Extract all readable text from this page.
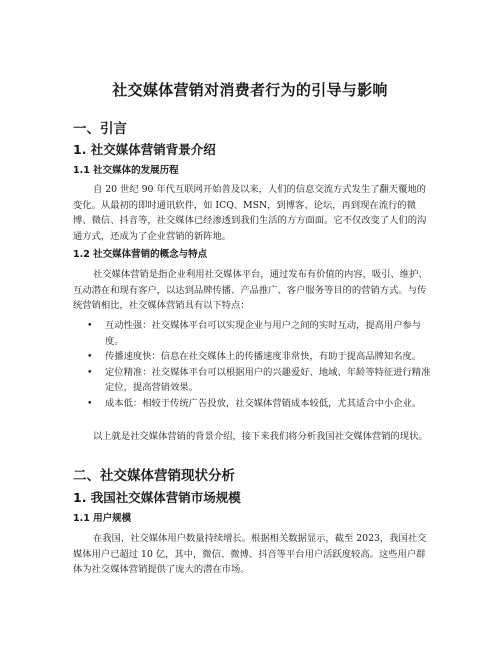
社交媒体营销对消费者行为的引导与影响
一、引言
1. 社交媒体营销背景介绍
1.1 社交媒体的发展历程
自 20 世纪 90 年代互联网开始普及以来，人们的信息交流方式发生了翻天覆地的变化。从最初的即时通讯软件，如 ICQ、MSN，到博客、论坛，再到现在流行的微博、微信、抖音等，社交媒体已经渗透到我们生活的方方面面。它不仅改变了人们的沟通方式，还成为了企业营销的新阵地。
1.2 社交媒体营销的概念与特点
社交媒体营销是指企业利用社交媒体平台，通过发布有价值的内容，吸引、维护、互动潜在和现有客户，以达到品牌传播、产品推广、客户服务等目的的营销方式。与传统营销相比，社交媒体营销具有以下特点：
• 互动性强：社交媒体平台可以实现企业与用户之间的实时互动，提高用户参与度。
• 传播速度快：信息在社交媒体上的传播速度非常快，有助于提高品牌知名度。
• 定位精准：社交媒体平台可以根据用户的兴趣爱好、地域、年龄等特征进行精准定位，提高营销效果。
• 成本低：相较于传统广告投放，社交媒体营销成本较低，尤其适合中小企业。
以上就是社交媒体营销的背景介绍，接下来我们将分析我国社交媒体营销的现状。
二、社交媒体营销现状分析
1. 我国社交媒体营销市场规模
1.1 用户规模
在我国，社交媒体用户数量持续增长。根据相关数据显示，截至 2023，我国社交媒体用户已超过 10 亿，其中，微信、微博、抖音等平台用户活跃度较高。这些用户群体为社交媒体营销提供了庞大的潜在市场。
